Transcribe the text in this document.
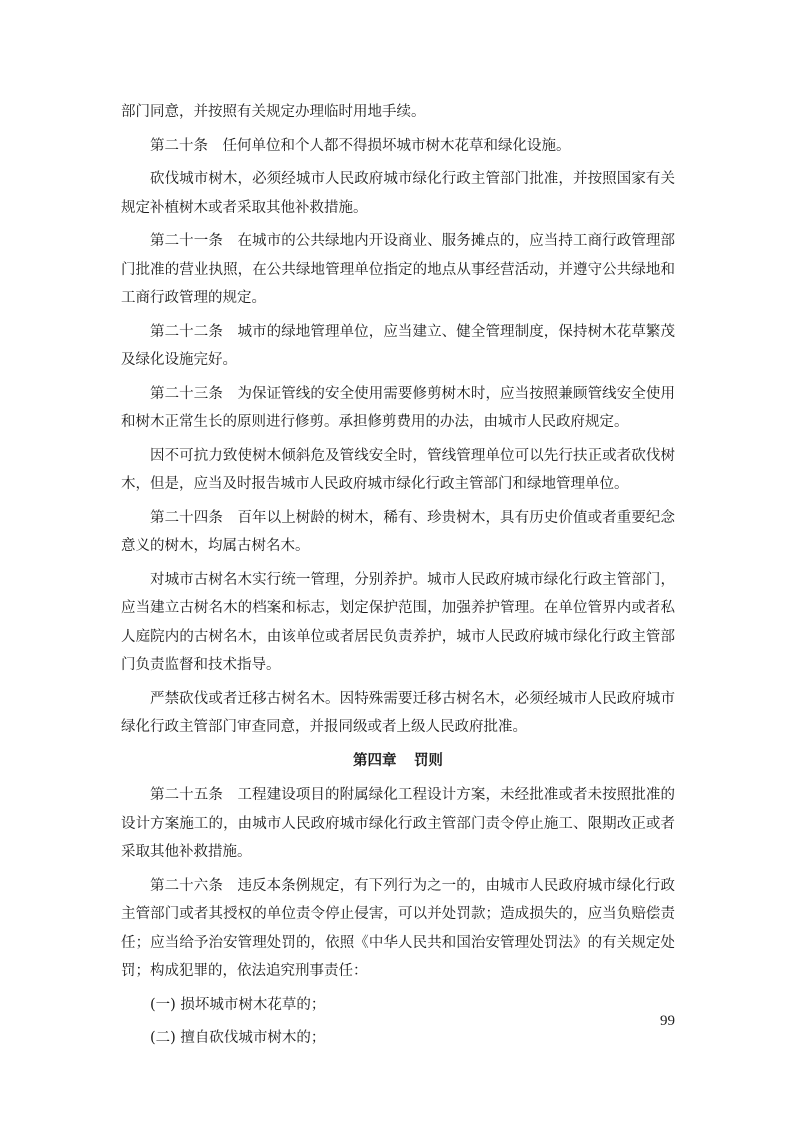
部门同意，并按照有关规定办理临时用地手续。

第二十条 任何单位和个人都不得损坏城市树木花草和绿化设施。

砍伐城市树木，必须经城市人民政府城市绿化行政主管部门批准，并按照国家有关规定补植树木或者采取其他补救措施。

第二十一条 在城市的公共绿地内开设商业、服务摊点的，应当持工商行政管理部门批准的营业执照，在公共绿地管理单位指定的地点从事经营活动，并遵守公共绿地和工商行政管理的规定。

第二十二条 城市的绿地管理单位，应当建立、健全管理制度，保持树木花草繁茂及绿化设施完好。

第二十三条 为保证管线的安全使用需要修剪树木时，应当按照兼顾管线安全使用和树木正常生长的原则进行修剪。承担修剪费用的办法，由城市人民政府规定。

因不可抗力致使树木倾斜危及管线安全时，管线管理单位可以先行扶正或者砍伐树木，但是，应当及时报告城市人民政府城市绿化行政主管部门和绿地管理单位。

第二十四条 百年以上树龄的树木，稀有、珍贵树木，具有历史价值或者重要纪念意义的树木，均属古树名木。

对城市古树名木实行统一管理，分别养护。城市人民政府城市绿化行政主管部门，应当建立古树名木的档案和标志，划定保护范围，加强养护管理。在单位管界内或者私人庭院内的古树名木，由该单位或者居民负责养护，城市人民政府城市绿化行政主管部门负责监督和技术指导。

严禁砍伐或者迁移古树名木。因特殊需要迁移古树名木，必须经城市人民政府城市绿化行政主管部门审查同意，并报同级或者上级人民政府批准。

第四章 罚则

第二十五条 工程建设项目的附属绿化工程设计方案，未经批准或者未按照批准的设计方案施工的，由城市人民政府城市绿化行政主管部门责令停止施工、限期改正或者采取其他补救措施。

第二十六条 违反本条例规定，有下列行为之一的，由城市人民政府城市绿化行政主管部门或者其授权的单位责令停止侵害，可以并处罚款；造成损失的，应当负赔偿责任；应当给予治安管理处罚的，依照《中华人民共和国治安管理处罚法》的有关规定处罚；构成犯罪的，依法追究刑事责任：

(一) 损坏城市树木花草的；

(二) 擅自砍伐城市树木的；

99
